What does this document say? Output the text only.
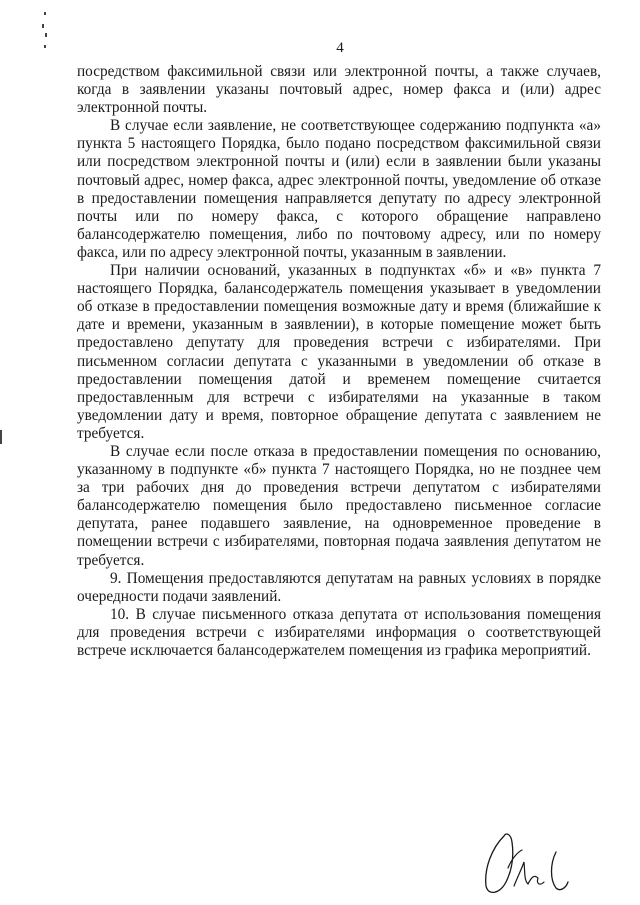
4

посредством факсимильной связи или электронной почты, а также случаев, когда в заявлении указаны почтовый адрес, номер факса и (или) адрес электронной почты.

В случае если заявление, не соответствующее содержанию подпункта «а» пункта 5 настоящего Порядка, было подано посредством факсимильной связи или посредством электронной почты и (или) если в заявлении были указаны почтовый адрес, номер факса, адрес электронной почты, уведомление об отказе в предоставлении помещения направляется депутату по адресу электронной почты или по номеру факса, с которого обращение направлено балансодержателю помещения, либо по почтовому адресу, или по номеру факса, или по адресу электронной почты, указанным в заявлении.

При наличии оснований, указанных в подпунктах «б» и «в» пункта 7 настоящего Порядка, балансодержатель помещения указывает в уведомлении об отказе в предоставлении помещения возможные дату и время (ближайшие к дате и времени, указанным в заявлении), в которые помещение может быть предоставлено депутату для проведения встречи с избирателями. При письменном согласии депутата с указанными в уведомлении об отказе в предоставлении помещения датой и временем помещение считается предоставленным для встречи с избирателями на указанные в таком уведомлении дату и время, повторное обращение депутата с заявлением не требуется.

В случае если после отказа в предоставлении помещения по основанию, указанному в подпункте «б» пункта 7 настоящего Порядка, но не позднее чем за три рабочих дня до проведения встречи депутатом с избирателями балансодержателю помещения было предоставлено письменное согласие депутата, ранее подавшего заявление, на одновременное проведение в помещении встречи с избирателями, повторная подача заявления депутатом не требуется.

9. Помещения предоставляются депутатам на равных условиях в порядке очередности подачи заявлений.

10. В случае письменного отказа депутата от использования помещения для проведения встречи с избирателями информация о соответствующей встрече исключается балансодержателем помещения из графика мероприятий.
